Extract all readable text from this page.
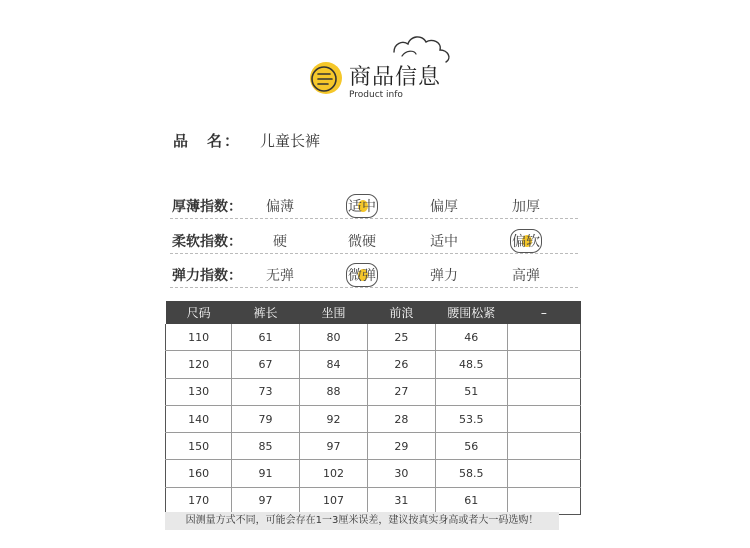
商品信息
Product info
品　名： 儿童长裤
厚薄指数：	偏薄	适中	偏厚	加厚
柔软指数：	硬	微硬	适中	偏软
弹力指数：	无弹	微弹	弹力	高弹
尺码	裤长	坐围	前浪	腰围松紧	–
110	61	80	25	46	
120	67	84	26	48.5	
130	73	88	27	51	
140	79	92	28	53.5	
150	85	97	29	56	
160	91	102	30	58.5	
170	97	107	31	61	
因测量方式不同，可能会存在1一3厘米误差，建议按真实身高或者大一码选购！
